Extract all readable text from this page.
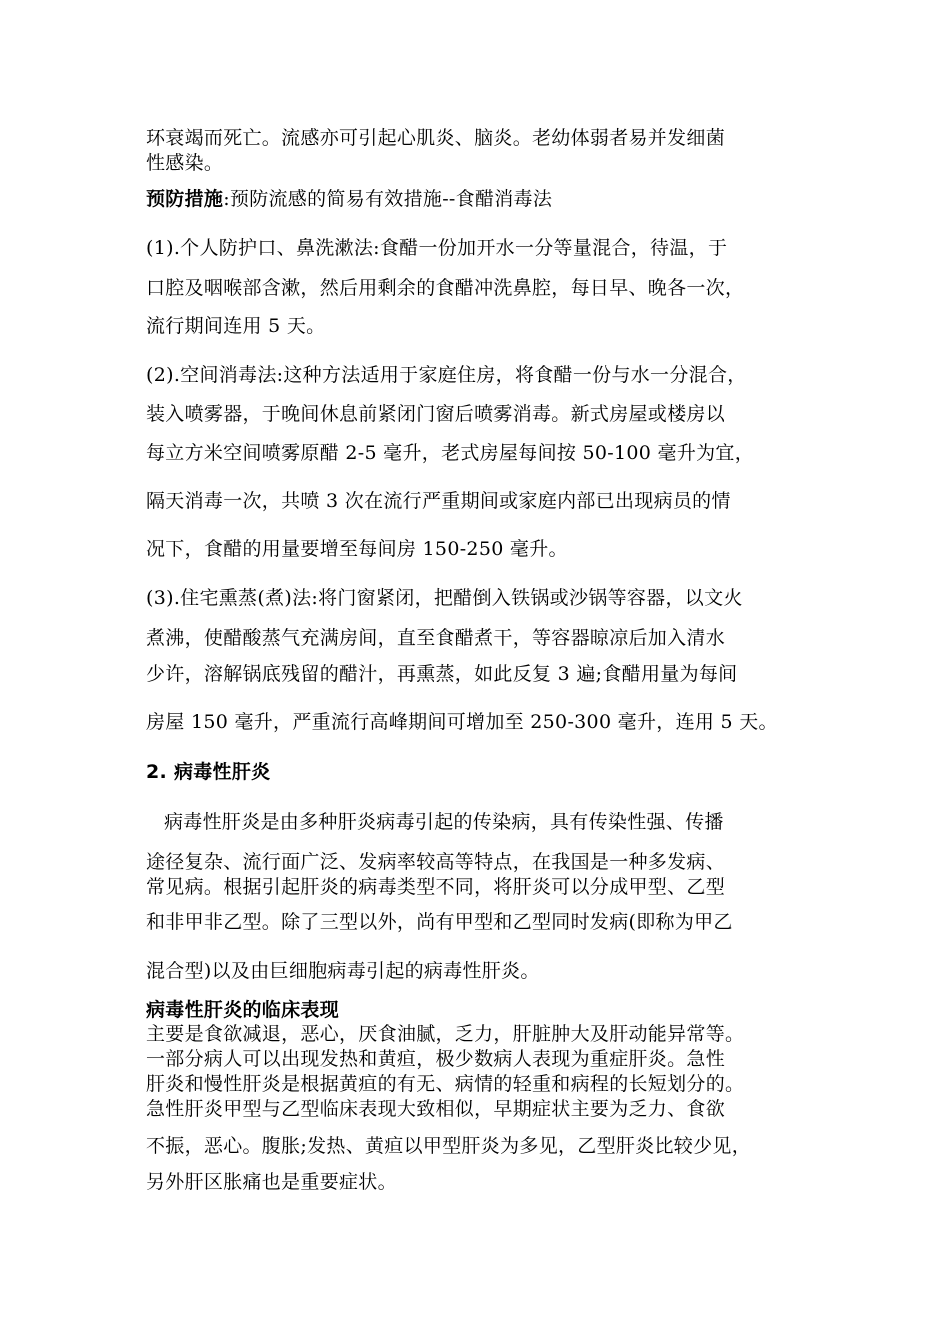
环衰竭而死亡。流感亦可引起心肌炎、脑炎。老幼体弱者易并发细菌
性感染。
预防措施:预防流感的简易有效措施--食醋消毒法
(1).个人防护口、鼻洗漱法:食醋一份加开水一分等量混合，待温，于
口腔及咽喉部含漱，然后用剩余的食醋冲洗鼻腔，每日早、晚各一次，
流行期间连用 5 天。
(2).空间消毒法:这种方法适用于家庭住房，将食醋一份与水一分混合，
装入喷雾器，于晚间休息前紧闭门窗后喷雾消毒。新式房屋或楼房以
每立方米空间喷雾原醋 2-5 毫升，老式房屋每间按 50-100 毫升为宜，
隔天消毒一次，共喷 3 次在流行严重期间或家庭内部已出现病员的情
况下，食醋的用量要增至每间房 150-250 毫升。
(3).住宅熏蒸(煮)法:将门窗紧闭，把醋倒入铁锅或沙锅等容器，以文火
煮沸，使醋酸蒸气充满房间，直至食醋煮干，等容器晾凉后加入清水
少许，溶解锅底残留的醋汁，再熏蒸，如此反复 3 遍;食醋用量为每间
房屋 150 毫升，严重流行高峰期间可增加至 250-300 毫升，连用 5 天。
2. 病毒性肝炎
病毒性肝炎是由多种肝炎病毒引起的传染病，具有传染性强、传播
途径复杂、流行面广泛、发病率较高等特点，在我国是一种多发病、
常见病。根据引起肝炎的病毒类型不同，将肝炎可以分成甲型、乙型
和非甲非乙型。除了三型以外，尚有甲型和乙型同时发病(即称为甲乙
混合型)以及由巨细胞病毒引起的病毒性肝炎。
病毒性肝炎的临床表现
主要是食欲减退，恶心，厌食油腻，乏力，肝脏肿大及肝动能异常等。
一部分病人可以出现发热和黄疸，极少数病人表现为重症肝炎。急性
肝炎和慢性肝炎是根据黄疸的有无、病情的轻重和病程的长短划分的。
急性肝炎甲型与乙型临床表现大致相似，早期症状主要为乏力、食欲
不振，恶心。腹胀;发热、黄疸以甲型肝炎为多见，乙型肝炎比较少见，
另外肝区胀痛也是重要症状。
